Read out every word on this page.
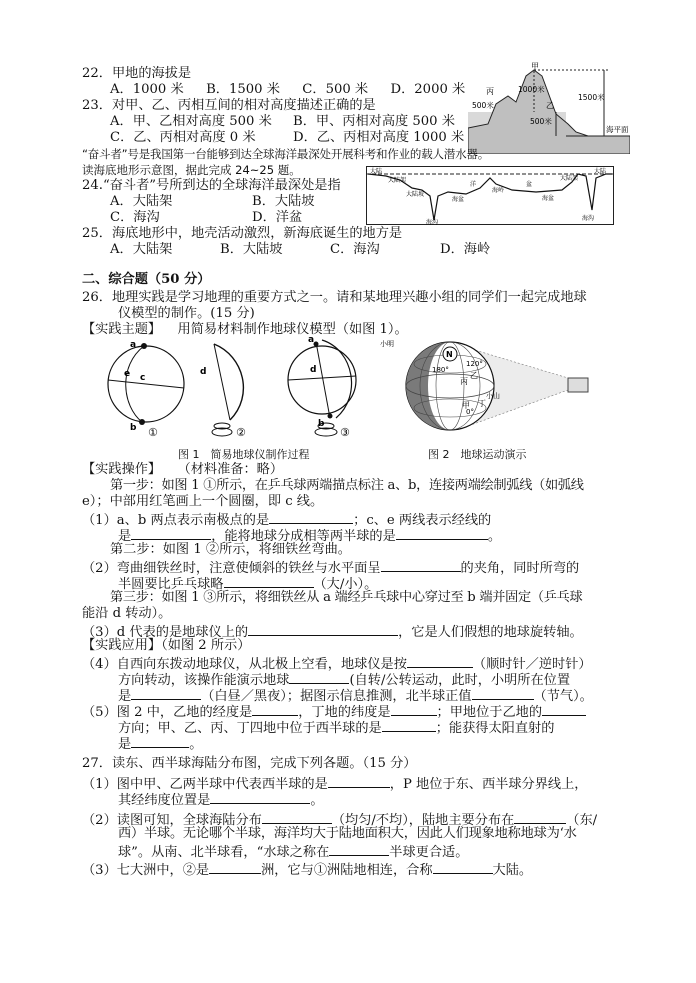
22．甲地的海拔是
A．1000 米 B．1500 米 C．500 米 D．2000 米
23．对甲、乙、丙相互间的相对高度描述正确的是
A．甲、乙相对高度 500 米 B．甲、丙相对高度 500 米
C．乙、丙相对高度 0 米	D．乙、丙相对高度 1000 米
甲
丙
乙
1000米
1500米
500米
500米
海平面
“奋斗者”号是我国第一台能够到达全球海洋最深处开展科考和作业的载人潜水器。
读海底地形示意图，据此完成 24~25 题。
24.“奋斗者”号所到达的全球海洋最深处是指
A．大陆架	B．大陆坡
C．海沟	D．洋盆
大陆
大陆架
大陆坡
海盆
海岭
洋	盆
海盆
海沟
大陆
大陆架
海沟
25．海底地形中，地壳活动激烈，新海底诞生的地方是
A．大陆架	B．大陆坡	C．海沟	D．海岭
二、综合题（50 分）
26．地理实践是学习地理的重要方式之一。请和某地理兴趣小组的同学们一起完成地球
仪模型的制作。(15 分)
【实践主题】 用简易材料制作地球仪模型（如图 1）。
a
b
c
e
①
d
②
a
d
b
③
N
小明
小山
180°
120°
0°
乙
丙
甲 丁
图 1　简易地球仪制作过程	图 2　地球运动演示
【实践操作】 （材料准备：略）
第一步：如图 1 ①所示，在乒乓球两端描点标注 a、b，连接两端绘制弧线（如弧线
e）；中部用红笔画上一个圆圈，即 c 线。
（1）a、b 两点表示南极点的是	；c、e 两线表示经线的
是	，能将地球分成相等两半球的是	。
第二步：如图 1 ②所示，将细铁丝弯曲。
（2）弯曲细铁丝时，注意使倾斜的铁丝与水平面呈	的夹角，同时所弯的
半圆要比乒乓球略	（大/小）。
第三步：如图 1 ③所示，将细铁丝从 a 端经乒乓球中心穿过至 b 端并固定（乒乓球
能沿 d 转动）。
（3）d 代表的是地球仪上的	，它是人们假想的地球旋转轴。
【实践应用】（如图 2 所示）
（4）自西向东拨动地球仪，从北极上空看，地球仪是按	（顺时针／逆时针）
方向转动，该操作能演示地球	(自转/公转运动，此时，小明所在位置
是	（白昼／黑夜）；据图示信息推测，北半球正值	（节气）。
（5）图 2 中，乙地的经度是	，丁地的纬度是	；甲地位于乙地的
方向；甲、乙、丙、丁四地中位于西半球的是	；能获得太阳直射的
是	。
27．读东、西半球海陆分布图，完成下列各题。（15 分）
（1）图中甲、乙两半球中代表西半球的是	，P 地位于东、西半球分界线上，
其经纬度位置是	。
（2）读图可知，全球海陆分布	（均匀/不均），陆地主要分布在	（东/
西）半球。无论哪个半球，海洋均大于陆地面积大，因此人们现象地称地球为‘水
球”。从南、北半球看，“水球之称在	半球更合适。
（3）七大洲中，②是	洲，它与①洲陆地相连，合称	大陆。
